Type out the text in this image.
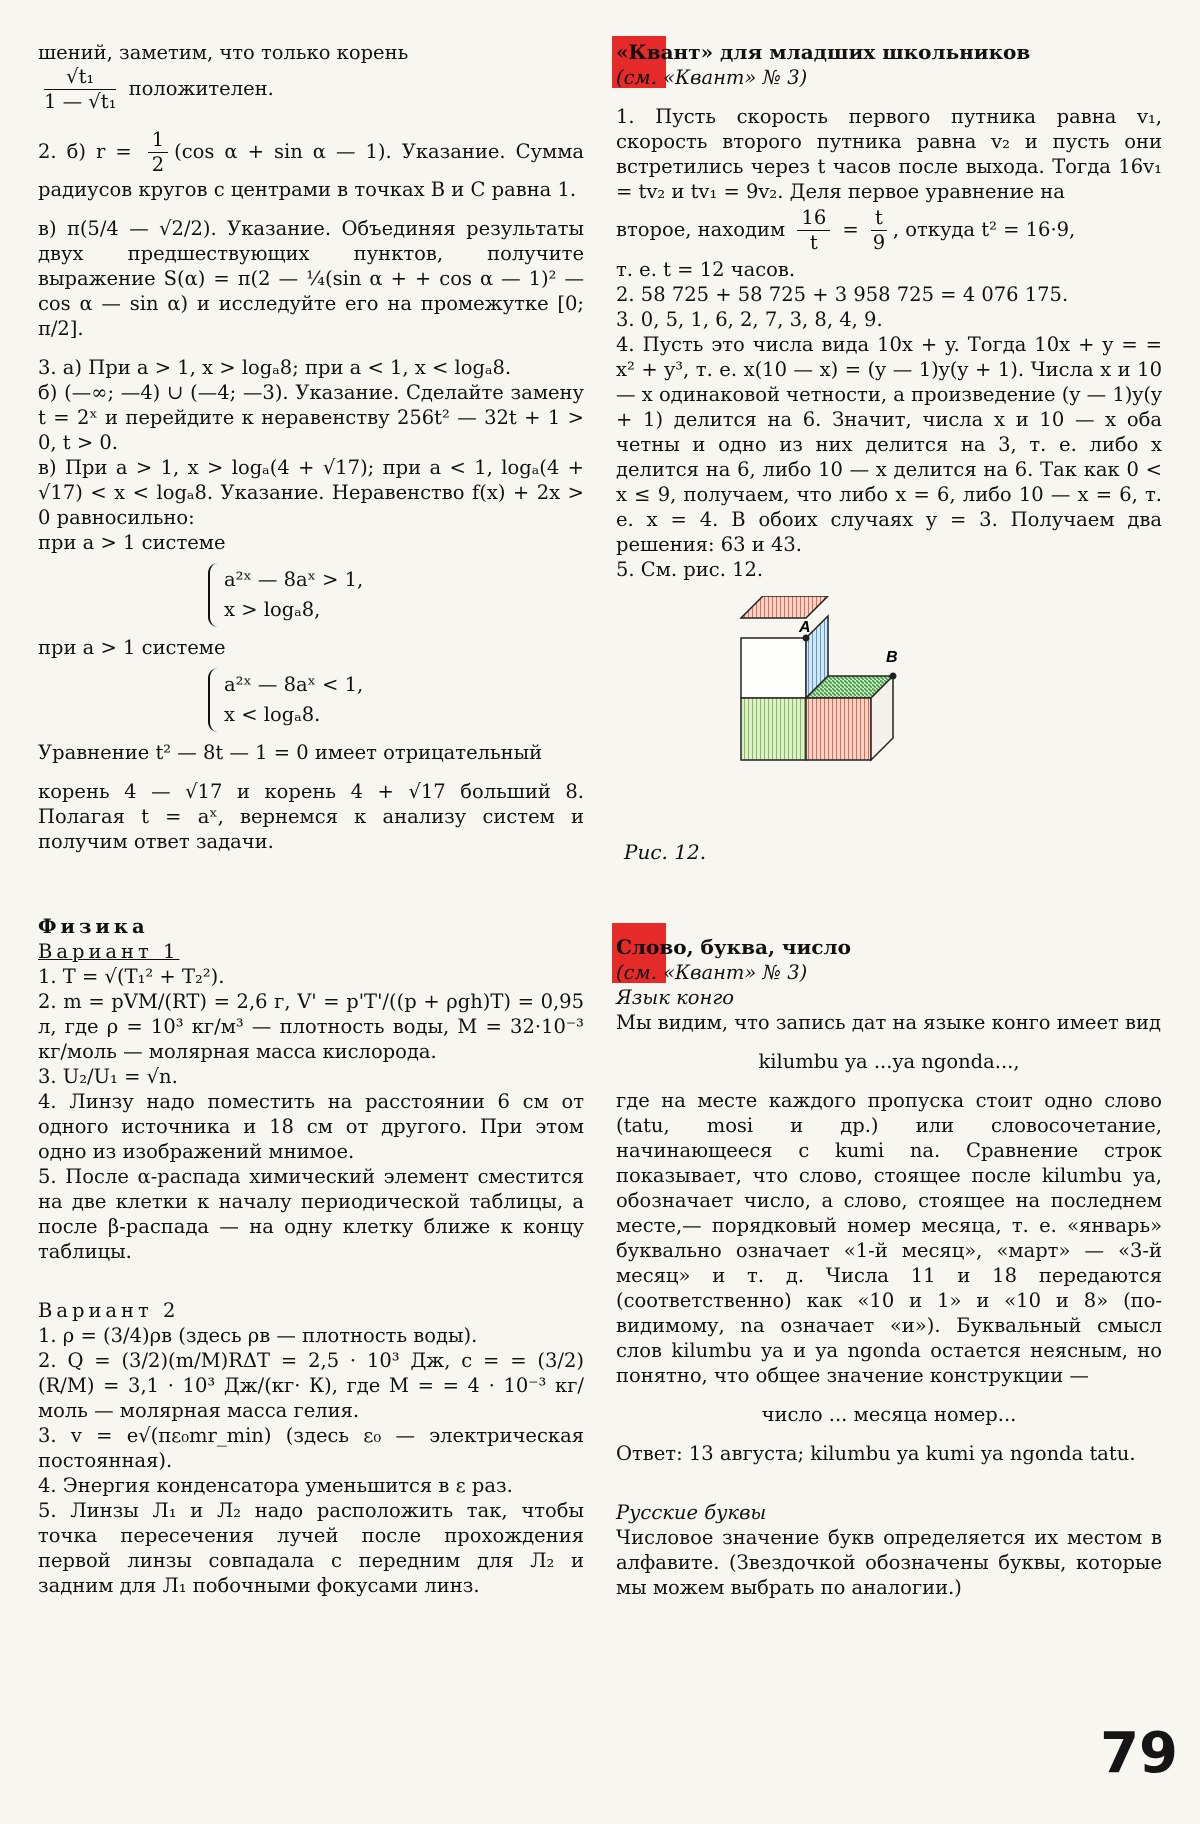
шений, заметим, что только корень

$\frac{\text{√t₁}}{\text{1 — √t₁}}$ положителен.
2. б) $r = \frac{1}{2} (\cos$ α + sin α — 1). Указание. Сумма радиусов кругов с центрами в точках B и C равна 1.
в) π(5/4 — √2/2). Указание. Объединяя результаты двух предшествующих пунктов, получите выражение S(α) = π(2 — ¼(sin α + + cos α — 1)² — cos α — sin α) и исследуйте его на промежутке [0; π/2].

3. а) При a > 1, x > logₐ8; при a < 1, x < logₐ8.

б) (—∞; —4) ∪ (—4; —3). Указание. Сделайте замену t = 2ˣ и перейдите к неравенству 256t² — 32t + 1 > 0, t > 0.

в) При a > 1, x > logₐ(4 + √17); при a < 1, logₐ(4 + √17) < x < logₐ8. Указание. Неравенство f(x) + 2x > 0 равносильно:

при a > 1 системе

a²ˣ — 8aˣ > 1,
x > logₐ8,

при a > 1 системе

a²ˣ — 8aˣ < 1,
x < logₐ8.

Уравнение t² — 8t — 1 = 0 имеет отрицательный

корень 4 — √17 и корень 4 + √17 больший 8. Полагая t = aˣ, вернемся к анализу систем и получим ответ задачи.

Физика

Вариант 1

1. T = √(T₁² + T₂²).

2. m = pVM/(RT) = 2,6 г, V' = p'T'/((p + ρgh)T) = 0,95 л, где ρ = 10³ кг/м³ — плотность воды, M = 32·10⁻³ кг/моль — молярная масса кислорода.

3. U₂/U₁ = √n.

4. Линзу надо поместить на расстоянии 6 см от одного источника и 18 см от другого. При этом одно из изображений мнимое.

5. После α-распада химический элемент сместится на две клетки к началу периодической таблицы, а после β-распада — на одну клетку ближе к концу таблицы.

Вариант 2

1. ρ = (3/4)ρв (здесь ρв — плотность воды).

2. Q = (3/2)(m/M)RΔT = 2,5 · 10³ Дж, c = = (3/2)(R/M) = 3,1 · 10³ Дж/(кг· К), где M = = 4 · 10⁻³ кг/моль — молярная масса гелия.

3. v = e√(πε₀mr_min) (здесь ε₀ — электрическая постоянная).

4. Энергия конденсатора уменьшится в ε раз.

5. Линзы Л₁ и Л₂ надо расположить так, чтобы точка пересечения лучей после прохождения первой линзы совпадала с передним для Л₂ и задним для Л₁ побочными фокусами линз.

«Квант» для младших школьников

(см. «Квант» № 3)

1. Пусть скорость первого путника равна v₁, скорость второго путника равна v₂ и пусть они встретились через t часов после выхода. Тогда 16v₁ = tv₂ и tv₁ = 9v₂. Деля первое уравнение на

второе, находим $\frac{16}{t} = \frac{t}{9}$ , откуда t² = 16·9,

т. е. t = 12 часов.

2. 58 725 + 58 725 + 3 958 725 = 4 076 175.

3. 0, 5, 1, 6, 2, 7, 3, 8, 4, 9.

4. Пусть это числа вида 10x + y. Тогда 10x + y = = x² + y³, т. е. x(10 — x) = (y — 1)y(y + 1). Числа x и 10 — x одинаковой четности, а произведение (y — 1)y(y + 1) делится на 6. Значит, числа x и 10 — x оба четны и одно из них делится на 3, т. е. либо x делится на 6, либо 10 — x делится на 6. Так как 0 < x ≤ 9, получаем, что либо x = 6, либо 10 — x = 6, т. е. x = 4. В обоих случаях y = 3. Получаем два решения: 63 и 43.

5. См. рис. 12.

A
B

Рис. 12.

Слово, буква, число

(см. «Квант» № 3)

Язык конго

Мы видим, что запись дат на языке конго имеет вид

kilumbu ya ...ya ngonda...,

где на месте каждого пропуска стоит одно слово (tatu, mosi и др.) или словосочетание, начинающееся с kumi na. Сравнение строк показывает, что слово, стоящее после kilumbu ya, обозначает число, а слово, стоящее на последнем месте,— порядковый номер месяца, т. е. «январь» буквально означает «1-й месяц», «март» — «3-й месяц» и т. д. Числа 11 и 18 передаются (соответственно) как «10 и 1» и «10 и 8» (по-видимому, na означает «и»). Буквальный смысл слов kilumbu ya и ya ngonda остается неясным, но понятно, что общее значение конструкции —

число ... месяца номер...

Ответ: 13 августа; kilumbu ya kumi ya ngonda tatu.

Русские буквы

Числовое значение букв определяется их местом в алфавите. (Звездочкой обозначены буквы, которые мы можем выбрать по аналогии.)

79
